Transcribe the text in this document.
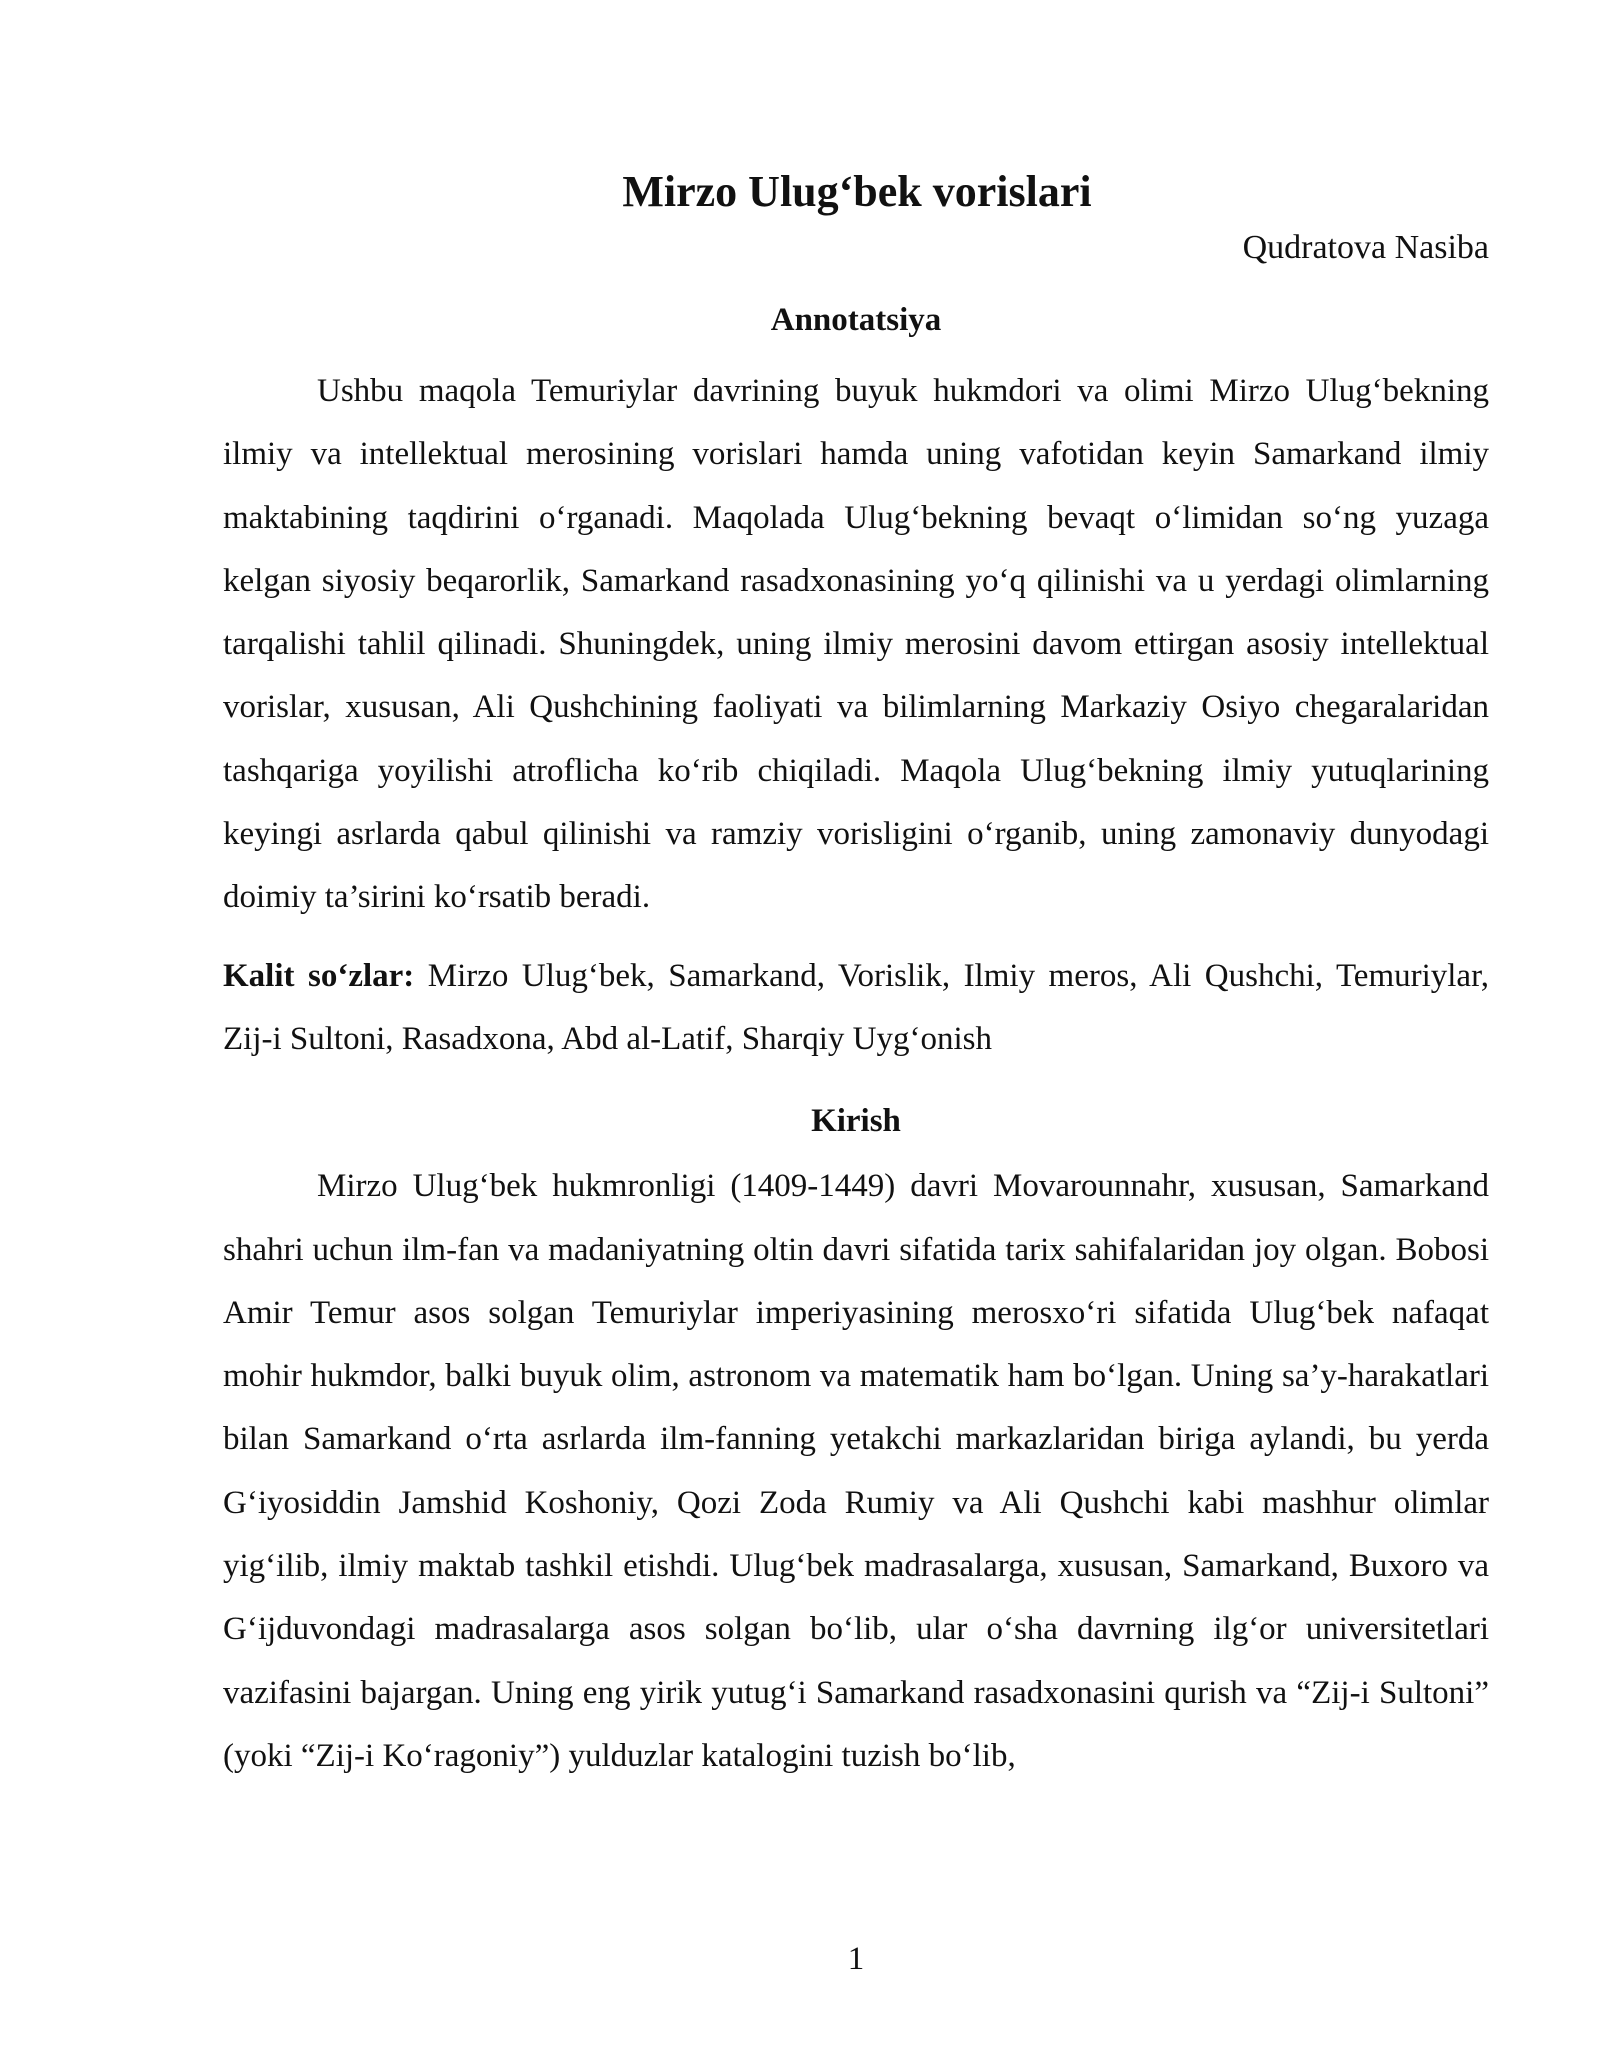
Mirzo Ulug‘bek vorislari

Qudratova Nasiba

Annotatsiya

Ushbu maqola Temuriylar davrining buyuk hukmdori va olimi Mirzo Ulug‘bekning ilmiy va intellektual merosining vorislari hamda uning vafotidan keyin Samarkand ilmiy maktabining taqdirini o‘rganadi. Maqolada Ulug‘bekning bevaqt o‘limidan so‘ng yuzaga kelgan siyosiy beqarorlik, Samarkand rasadxonasining yo‘q qilinishi va u yerdagi olimlarning tarqalishi tahlil qilinadi. Shuningdek, uning ilmiy merosini davom ettirgan asosiy intellektual vorislar, xususan, Ali Qushchining faoliyati va bilimlarning Markaziy Osiyo chegaralaridan tashqariga yoyilishi atroflicha ko‘rib chiqiladi. Maqola Ulug‘bekning ilmiy yutuqlarining keyingi asrlarda qabul qilinishi va ramziy vorisligini o‘rganib, uning zamonaviy dunyodagi doimiy ta’sirini ko‘rsatib beradi.

Kalit so‘zlar: Mirzo Ulug‘bek, Samarkand, Vorislik, Ilmiy meros, Ali Qushchi, Temuriylar, Zij-i Sultoni, Rasadxona, Abd al-Latif, Sharqiy Uyg‘onish

Kirish

Mirzo Ulug‘bek hukmronligi (1409-1449) davri Movarounnahr, xususan, Samarkand shahri uchun ilm-fan va madaniyatning oltin davri sifatida tarix sahifalaridan joy olgan. Bobosi Amir Temur asos solgan Temuriylar imperiyasining merosxo‘ri sifatida Ulug‘bek nafaqat mohir hukmdor, balki buyuk olim, astronom va matematik ham bo‘lgan. Uning sa’y-harakatlari bilan Samarkand o‘rta asrlarda ilm-fanning yetakchi markazlaridan biriga aylandi, bu yerda G‘iyosiddin Jamshid Koshoniy, Qozi Zoda Rumiy va Ali Qushchi kabi mashhur olimlar yig‘ilib, ilmiy maktab tashkil etishdi. Ulug‘bek madrasalarga, xususan, Samarkand, Buxoro va G‘ijduvondagi madrasalarga asos solgan bo‘lib, ular o‘sha davrning ilg‘or universitetlari vazifasini bajargan. Uning eng yirik yutug‘i Samarkand rasadxonasini qurish va “Zij-i Sultoni” (yoki “Zij-i Ko‘ragoniy”) yulduzlar katalogini tuzish bo‘lib,

1
